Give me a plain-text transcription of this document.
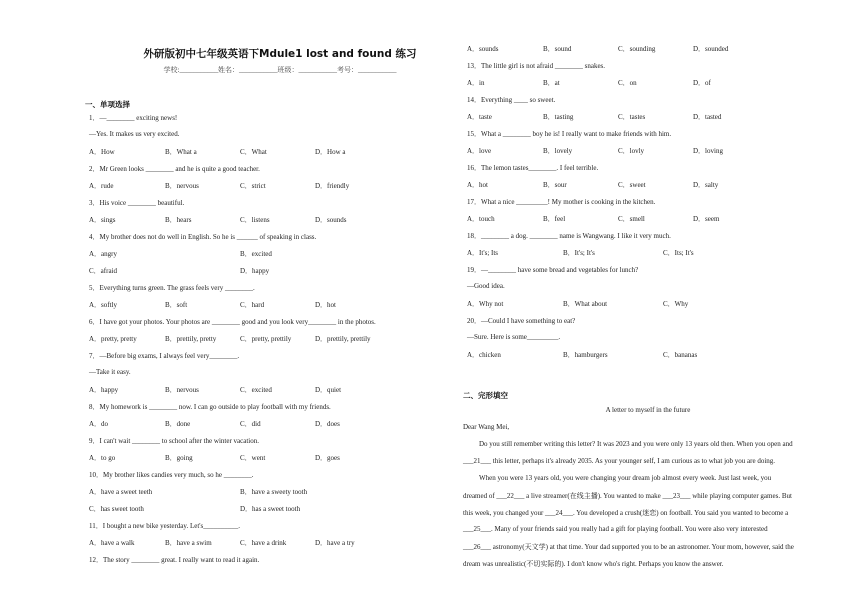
外研版初中七年级英语下Mdule1 lost and found 练习
学校:___________姓名：___________班级：___________考号：___________
一、单项选择
1．—________ exciting news!
—Yes. It makes us very excited.
A．How	B．What a	C．What	D．How a
2．Mr Green looks ________ and he is quite a good teacher.
A．rude	B．nervous	C．strict	D．friendly
3．His voice ________ beautiful.
A．sings	B．hears	C．listens	D．sounds
4．My brother does not do well in English. So he is ______ of speaking in class.
A．angry	B．excited
C．afraid	D．happy
5．Everything turns green. The grass feels very ________.
A．softly	B．soft	C．hard	D．hot
6．I have got your photos. Your photos are ________ good and you look very________ in the photos.
A．pretty, pretty	B．prettily, pretty	C．pretty, prettily	D．prettily, prettily
7．—Before big exams, I always feel very________.
—Take it easy.
A．happy	B．nervous	C．excited	D．quiet
8．My homework is ________ now. I can go outside to play football with my friends.
A．do	B．done	C．did	D．does
9．I can't wait ________ to school after the winter vacation.
A．to go	B．going	C．went	D．goes
10．My brother likes candies very much, so he ________.
A．have a sweet teeth	B．have a sweety tooth
C．has sweet tooth	D．has a sweet tooth
11．I bought a new bike yesterday. Let's__________.
A．have a walk	B．have a swim	C．have a drink	D．have a try
12．The story ________ great. I really want to read it again.
A．sounds	B．sound	C．sounding	D．sounded
13．The little girl is not afraid ________ snakes.
A．in	B．at	C．on	D．of
14．Everything ____ so sweet.
A．taste	B．tasting	C．tastes	D．tasted
15．What a ________ boy he is! I really want to make friends with him.
A．love	B．lovely	C．lovly	D．loving
16．The lemon tastes________. I feel terrible.
A．hot	B．sour	C．sweet	D．salty
17．What a nice _________! My mother is cooking in the kitchen.
A．touch	B．feel	C．smell	D．seem
18．________ a dog. ________ name is Wangwang. I like it very much.
A．It's; Its	B．It's; It's	C．Its; It's
19．—________ have some bread and vegetables for lunch?
—Good idea.
A．Why not	B．What about	C．Why
20．—Could I have something to eat?
—Sure. Here is some_________.
A．chicken	B．hamburgers	C．bananas
二、完形填空
A letter to myself in the future
Dear Wang Mei,
Do you still remember writing this letter? It was 2023 and you were only 13 years old then. When you open and
___21___ this letter, perhaps it's already 2035. As your younger self, I am curious as to what job you are doing.
When you were 13 years old, you were changing your dream job almost every week. Just last week, you
dreamed of ___22___ a live streamer(在线主播). You wanted to make ___23___ while playing computer games. But
this week, you changed your ___24___. You developed a crush(迷恋) on football. You said you wanted to become a
___25___. Many of your friends said you really had a gift for playing football. You were also very interested
___26___ astronomy(天文学) at that time. Your dad supported you to be an astronomer. Your mom, however, said the
dream was unrealistic(不切实际的). I don't know who's right. Perhaps you know the answer.
